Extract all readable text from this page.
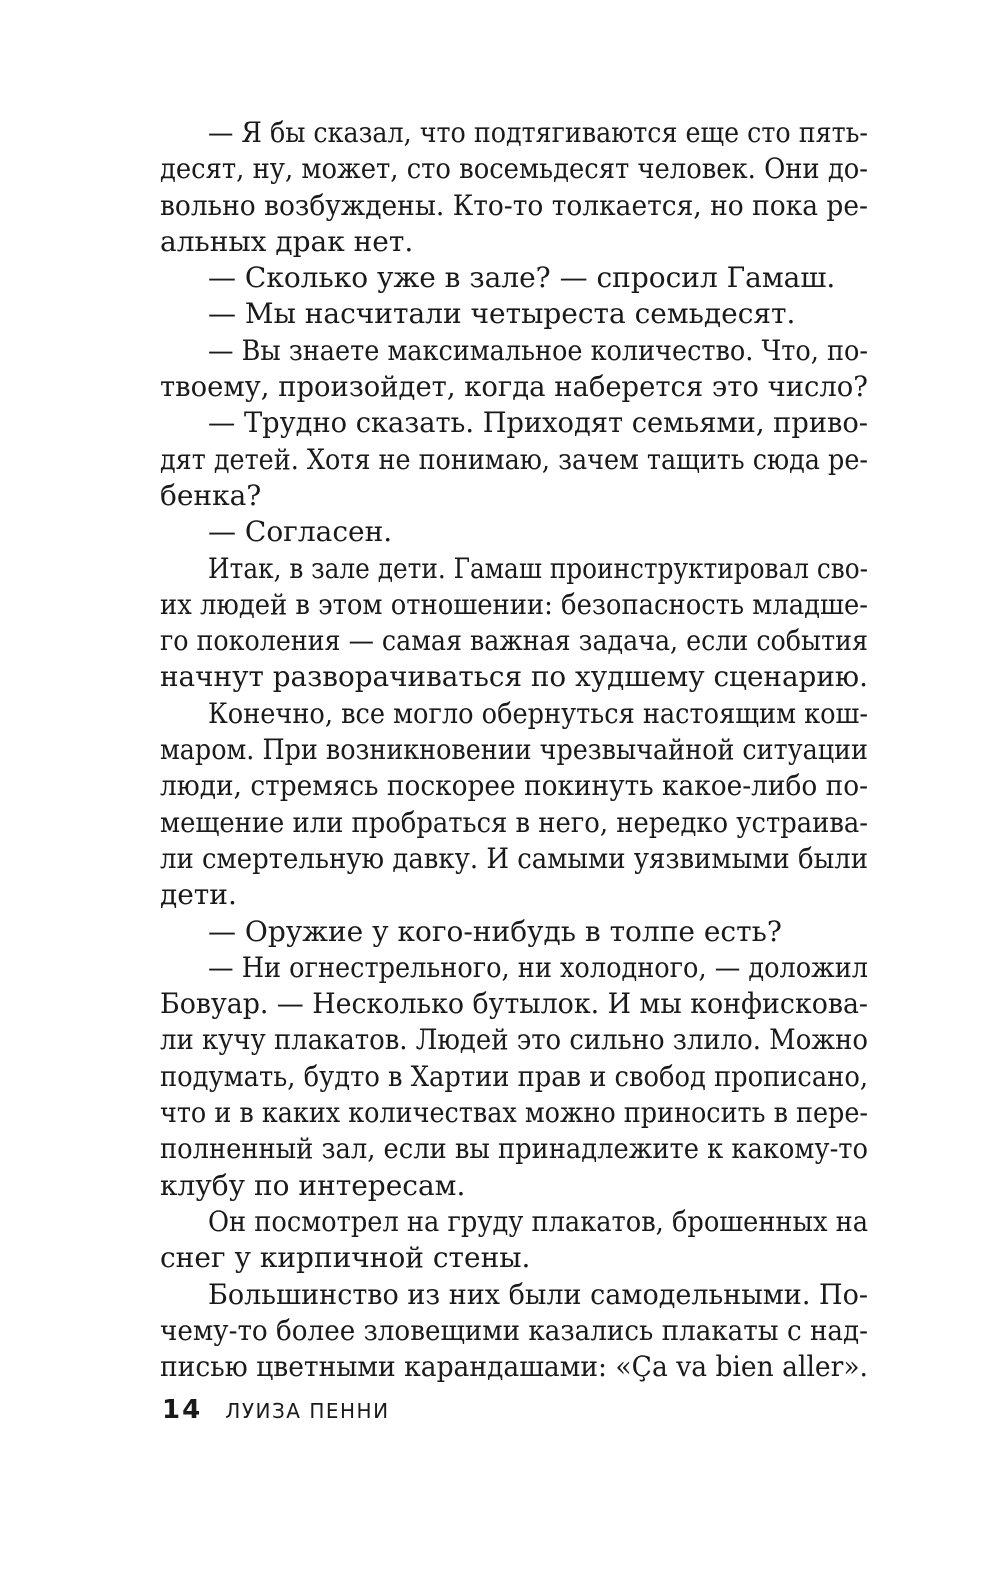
— Я бы сказал, что подтягиваются еще сто пять-
десят, ну, может, сто восемьдесят человек. Они до-
вольно возбуждены. Кто-то толкается, но пока ре-
альных драк нет.
— Сколько уже в зале? — спросил Гамаш.
— Мы насчитали четыреста семьдесят.
— Вы знаете максимальное количество. Что, по-
твоему, произойдет, когда наберется это число?
— Трудно сказать. Приходят семьями, приво-
дят детей. Хотя не понимаю, зачем тащить сюда ре-
бенка?
— Согласен.
Итак, в зале дети. Гамаш проинструктировал сво-
их людей в этом отношении: безопасность младше-
го поколения — самая важная задача, если события
начнут разворачиваться по худшему сценарию.
Конечно, все могло обернуться настоящим кош-
маром. При возникновении чрезвычайной ситуации
люди, стремясь поскорее покинуть какое-либо по-
мещение или пробраться в него, нередко устраива-
ли смертельную давку. И самыми уязвимыми были
дети.
— Оружие у кого-нибудь в толпе есть?
— Ни огнестрельного, ни холодного, — доложил
Бовуар. — Несколько бутылок. И мы конфискова-
ли кучу плакатов. Людей это сильно злило. Можно
подумать, будто в Хартии прав и свобод прописано,
что и в каких количествах можно приносить в пере-
полненный зал, если вы принадлежите к какому-то
клубу по интересам.
Он посмотрел на груду плакатов, брошенных на
снег у кирпичной стены.
Большинство из них были самодельными. По-
чему-то более зловещими казались плакаты с над-
писью цветными карандашами: «Ça va bien aller».
14 ЛУИЗА ПЕННИ
